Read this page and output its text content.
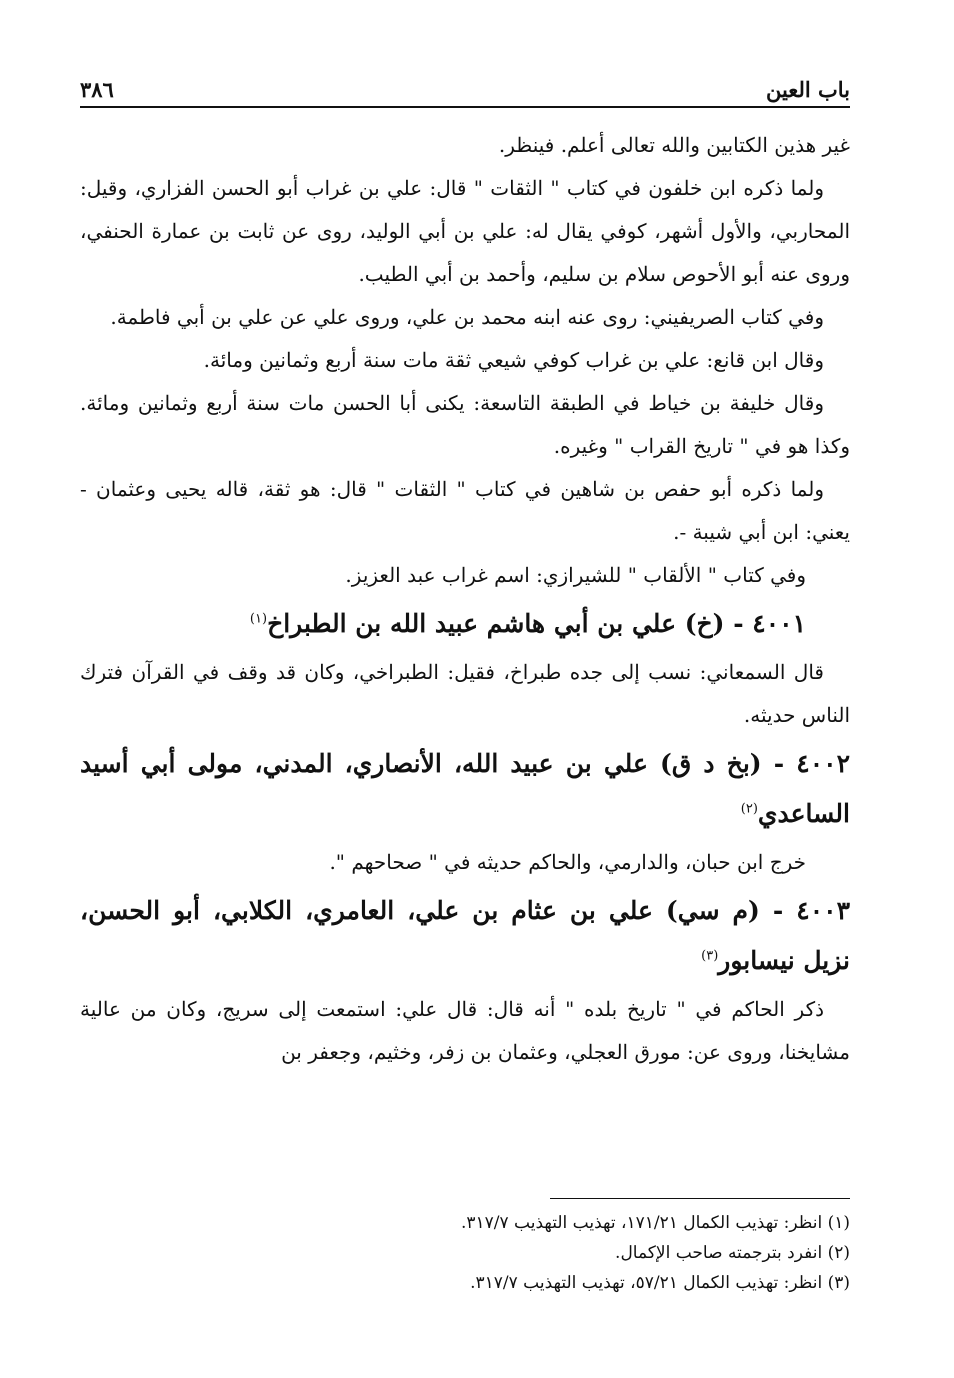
باب العين
٣٨٦

غير هذين الكتابين والله تعالى أعلم. فينظر.

ولما ذكره ابن خلفون في كتاب " الثقات " قال: علي بن غراب أبو الحسن الفزاري، وقيل: المحاربي، والأول أشهر، كوفي يقال له: علي بن أبي الوليد، روى عن ثابت بن عمارة الحنفي، وروى عنه أبو الأحوص سلام بن سليم، وأحمد بن أبي الطيب.

وفي كتاب الصريفيني: روى عنه ابنه محمد بن علي، وروى علي عن علي بن أبي فاطمة.

وقال ابن قانع: علي بن غراب كوفي شيعي ثقة مات سنة أربع وثمانين ومائة.

وقال خليفة بن خياط في الطبقة التاسعة: يكنى أبا الحسن مات سنة أربع وثمانين ومائة. وكذا هو في " تاريخ القراب " وغيره.

ولما ذكره أبو حفص بن شاهين في كتاب " الثقات " قال: هو ثقة، قاله يحيى وعثمان - يعني: ابن أبي شيبة -.

وفي كتاب " الألقاب " للشيرازي: اسم غراب عبد العزيز.

٤٠٠١ - (خ) علي بن أبي هاشم عبيد الله بن الطبراخ$^{(١)}$

قال السمعاني: نسب إلى جده طبراخ، فقيل: الطبراخي، وكان قد وقف في القرآن فترك الناس حديثه.

٤٠٠٢ - (بخ د ق) علي بن عبيد الله، الأنصاري، المدني، مولى أبي أسيد الساعدي$^{(٢)}$

خرج ابن حبان، والدارمي، والحاكم حديثه في " صحاحهم ".

٤٠٠٣ - (م سي) علي بن عثام بن علي، العامري، الكلابي، أبو الحسن، نزيل نيسابور$^{(٣)}$

ذكر الحاكم في " تاريخ بلده " أنه قال: قال علي: استمعت إلى سريج، وكان من عالية مشايخنا، وروى عن: مورق العجلي، وعثمان بن زفر، وخثيم، وجعفر بن

(١) انظر: تهذيب الكمال ١٧١/٢١، تهذيب التهذيب ٣١٧/٧.

(٢) انفرد بترجمته صاحب الإكمال.

(٣) انظر: تهذيب الكمال ٥٧/٢١، تهذيب التهذيب ٣١٧/٧.
